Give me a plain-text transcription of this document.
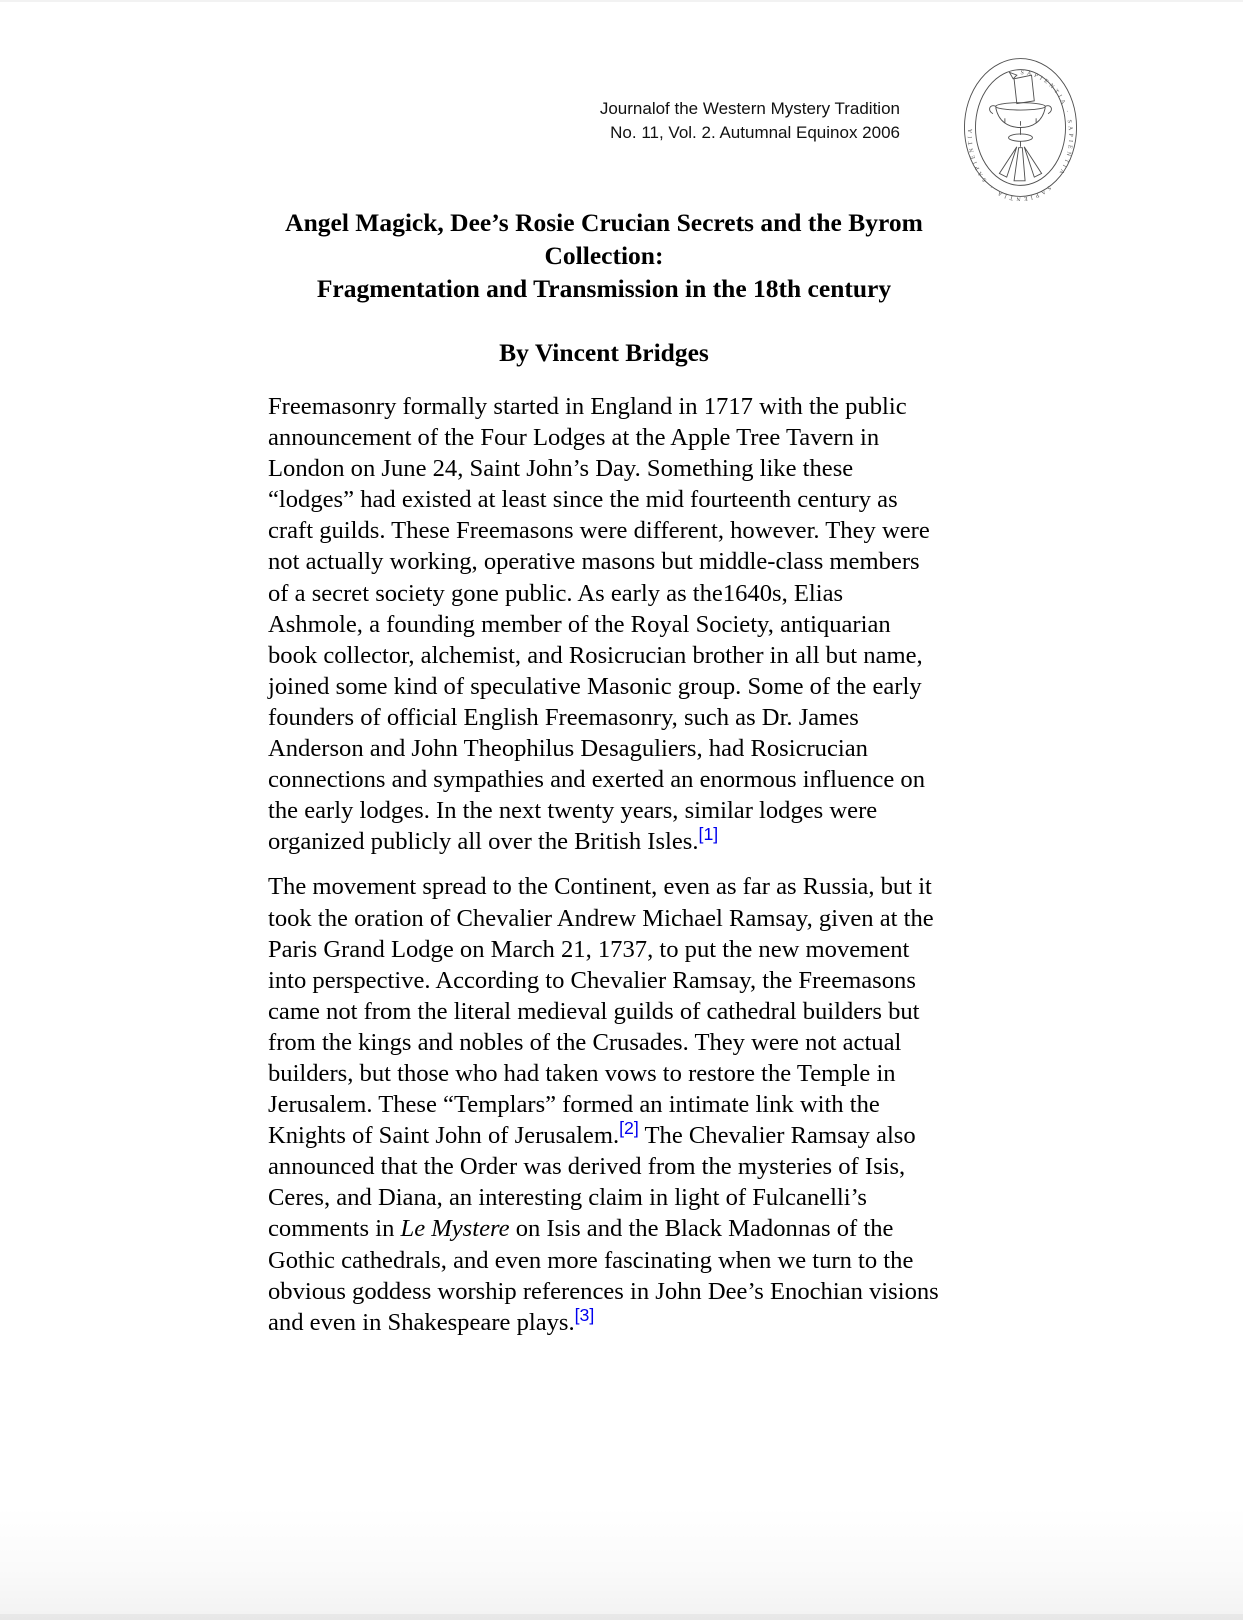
Journalof the Western Mystery Tradition
No. 11, Vol. 2. Autumnal Equinox 2006
SAPIENTIA · SAPIENTIA · SAPIENTIA · SAPIENTIA
Angel Magick, Dee’s Rosie Crucian Secrets and the Byrom
Collection:
Fragmentation and Transmission in the 18th century
By Vincent Bridges

Freemasonry formally started in England in 1717 with the public announcement of the Four Lodges at the Apple Tree Tavern in London on June 24, Saint John’s Day. Something like these “lodges” had existed at least since the mid fourteenth century as craft guilds. These Freemasons were different, however. They were not actually working, operative masons but middle-class members of a secret society gone public. As early as the1640s, Elias Ashmole, a founding member of the Royal Society, antiquarian book collector, alchemist, and Rosicrucian brother in all but name, joined some kind of speculative Masonic group. Some of the early founders of official English Freemasonry, such as Dr. James Anderson and John Theophilus Desaguliers, had Rosicrucian connections and sympathies and exerted an enormous influence on the early lodges. In the next twenty years, similar lodges were organized publicly all over the British Isles.[1]

The movement spread to the Continent, even as far as Russia, but it took the oration of Chevalier Andrew Michael Ramsay, given at the Paris Grand Lodge on March 21, 1737, to put the new movement into perspective. According to Chevalier Ramsay, the Freemasons came not from the literal medieval guilds of cathedral builders but from the kings and nobles of the Crusades. They were not actual builders, but those who had taken vows to restore the Temple in Jerusalem. These “Templars” formed an intimate link with the Knights of Saint John of Jerusalem.[2] The Chevalier Ramsay also announced that the Order was derived from the mysteries of Isis, Ceres, and Diana, an interesting claim in light of Fulcanelli’s comments in Le Mystere on Isis and the Black Madonnas of the Gothic cathedrals, and even more fascinating when we turn to the obvious goddess worship references in John Dee’s Enochian visions and even in Shakespeare plays.[3]
